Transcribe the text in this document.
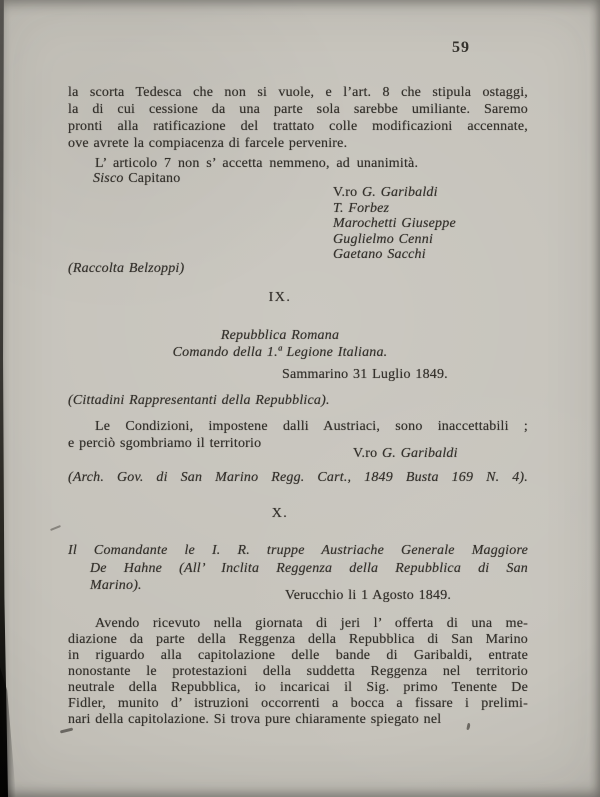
59
la scorta Tedesca che non si vuole, e l’art. 8 che stipula ostaggi,
la di cui cessione da una parte sola sarebbe umiliante. Saremo
pronti alla ratificazione del trattato colle modificazioni accennate,
ove avrete la compiacenza di farcele pervenire.
L’ articolo 7 non s’ accetta nemmeno, ad unanimità.
Sisco Capitano
V.ro G. Garibaldi
T. Forbez
Marochetti Giuseppe
Guglielmo Cenni
Gaetano Sacchi
(Raccolta Belzoppi)
IX.
Repubblica Romana
Comando della 1.ª Legione Italiana.
Sammarino 31 Luglio 1849.
(Cittadini Rappresentanti della Repubblica).
Le Condizioni, impostene dalli Austriaci, sono inaccettabili ;
e perciò sgombriamo il territorio
V.ro G. Garibaldi
(Arch. Gov. di San Marino Regg. Cart., 1849 Busta 169 N. 4).
X.
Il Comandante le I. R. truppe Austriache Generale Maggiore
De Hahne (All’ Inclita Reggenza della Repubblica di San
Marino).
Verucchio li 1 Agosto 1849.
Avendo ricevuto nella giornata di jeri l’ offerta di una me-
diazione da parte della Reggenza della Repubblica di San Marino
in riguardo alla capitolazione delle bande di Garibaldi, entrate
nonostante le protestazioni della suddetta Reggenza nel territorio
neutrale della Repubblica, io incaricai il Sig. primo Tenente De
Fidler, munito d’ istruzioni occorrenti a bocca a fissare i prelimi-
nari della capitolazione. Si trova pure chiaramente spiegato nel
